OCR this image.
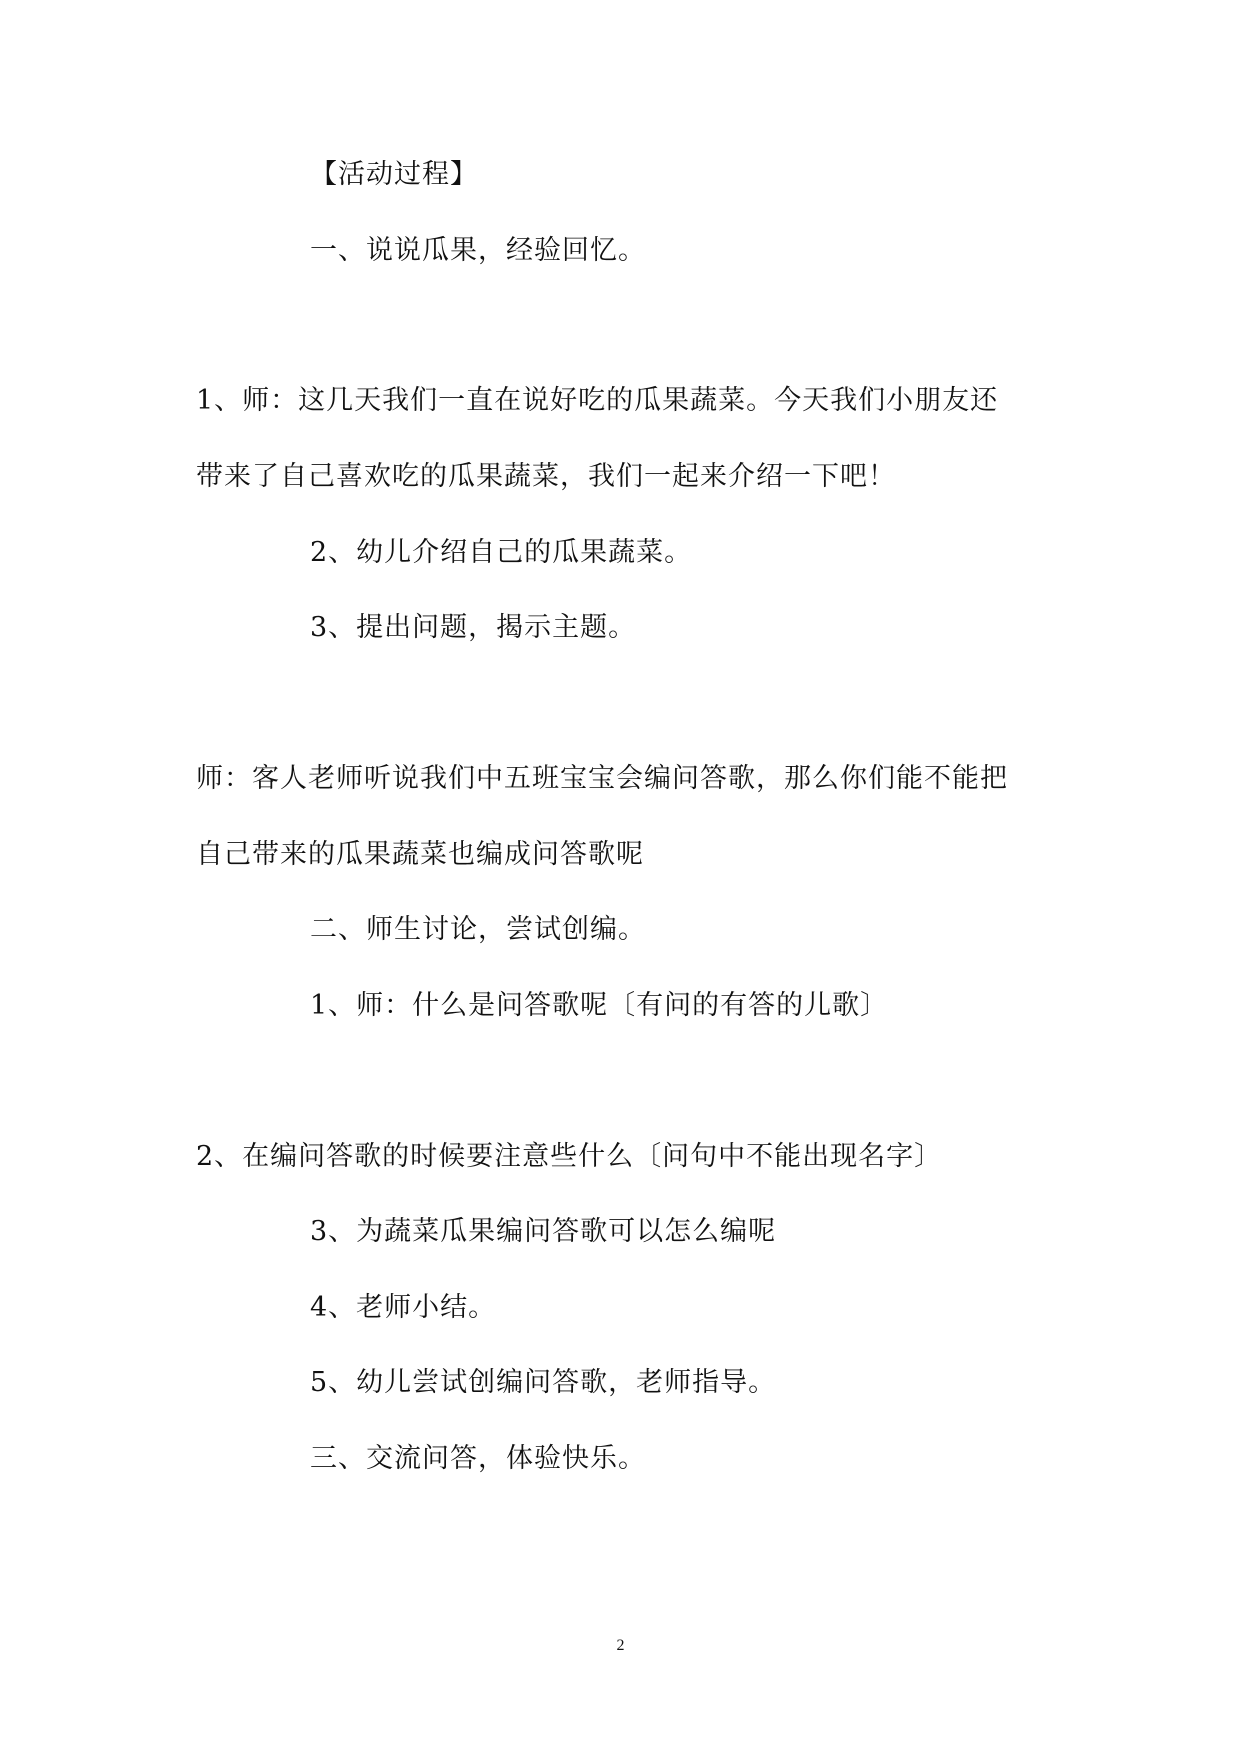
【活动过程】
一、说说瓜果，经验回忆。
1、师：这几天我们一直在说好吃的瓜果蔬菜。今天我们小朋友还
带来了自己喜欢吃的瓜果蔬菜，我们一起来介绍一下吧！
2、幼儿介绍自己的瓜果蔬菜。
3、提出问题，揭示主题。
师：客人老师听说我们中五班宝宝会编问答歌，那么你们能不能把
自己带来的瓜果蔬菜也编成问答歌呢
二、师生讨论，尝试创编。
1、师：什么是问答歌呢〔有问的有答的儿歌〕
2、在编问答歌的时候要注意些什么〔问句中不能出现名字〕
3、为蔬菜瓜果编问答歌可以怎么编呢
4、老师小结。
5、幼儿尝试创编问答歌，老师指导。
三、交流问答，体验快乐。
2
